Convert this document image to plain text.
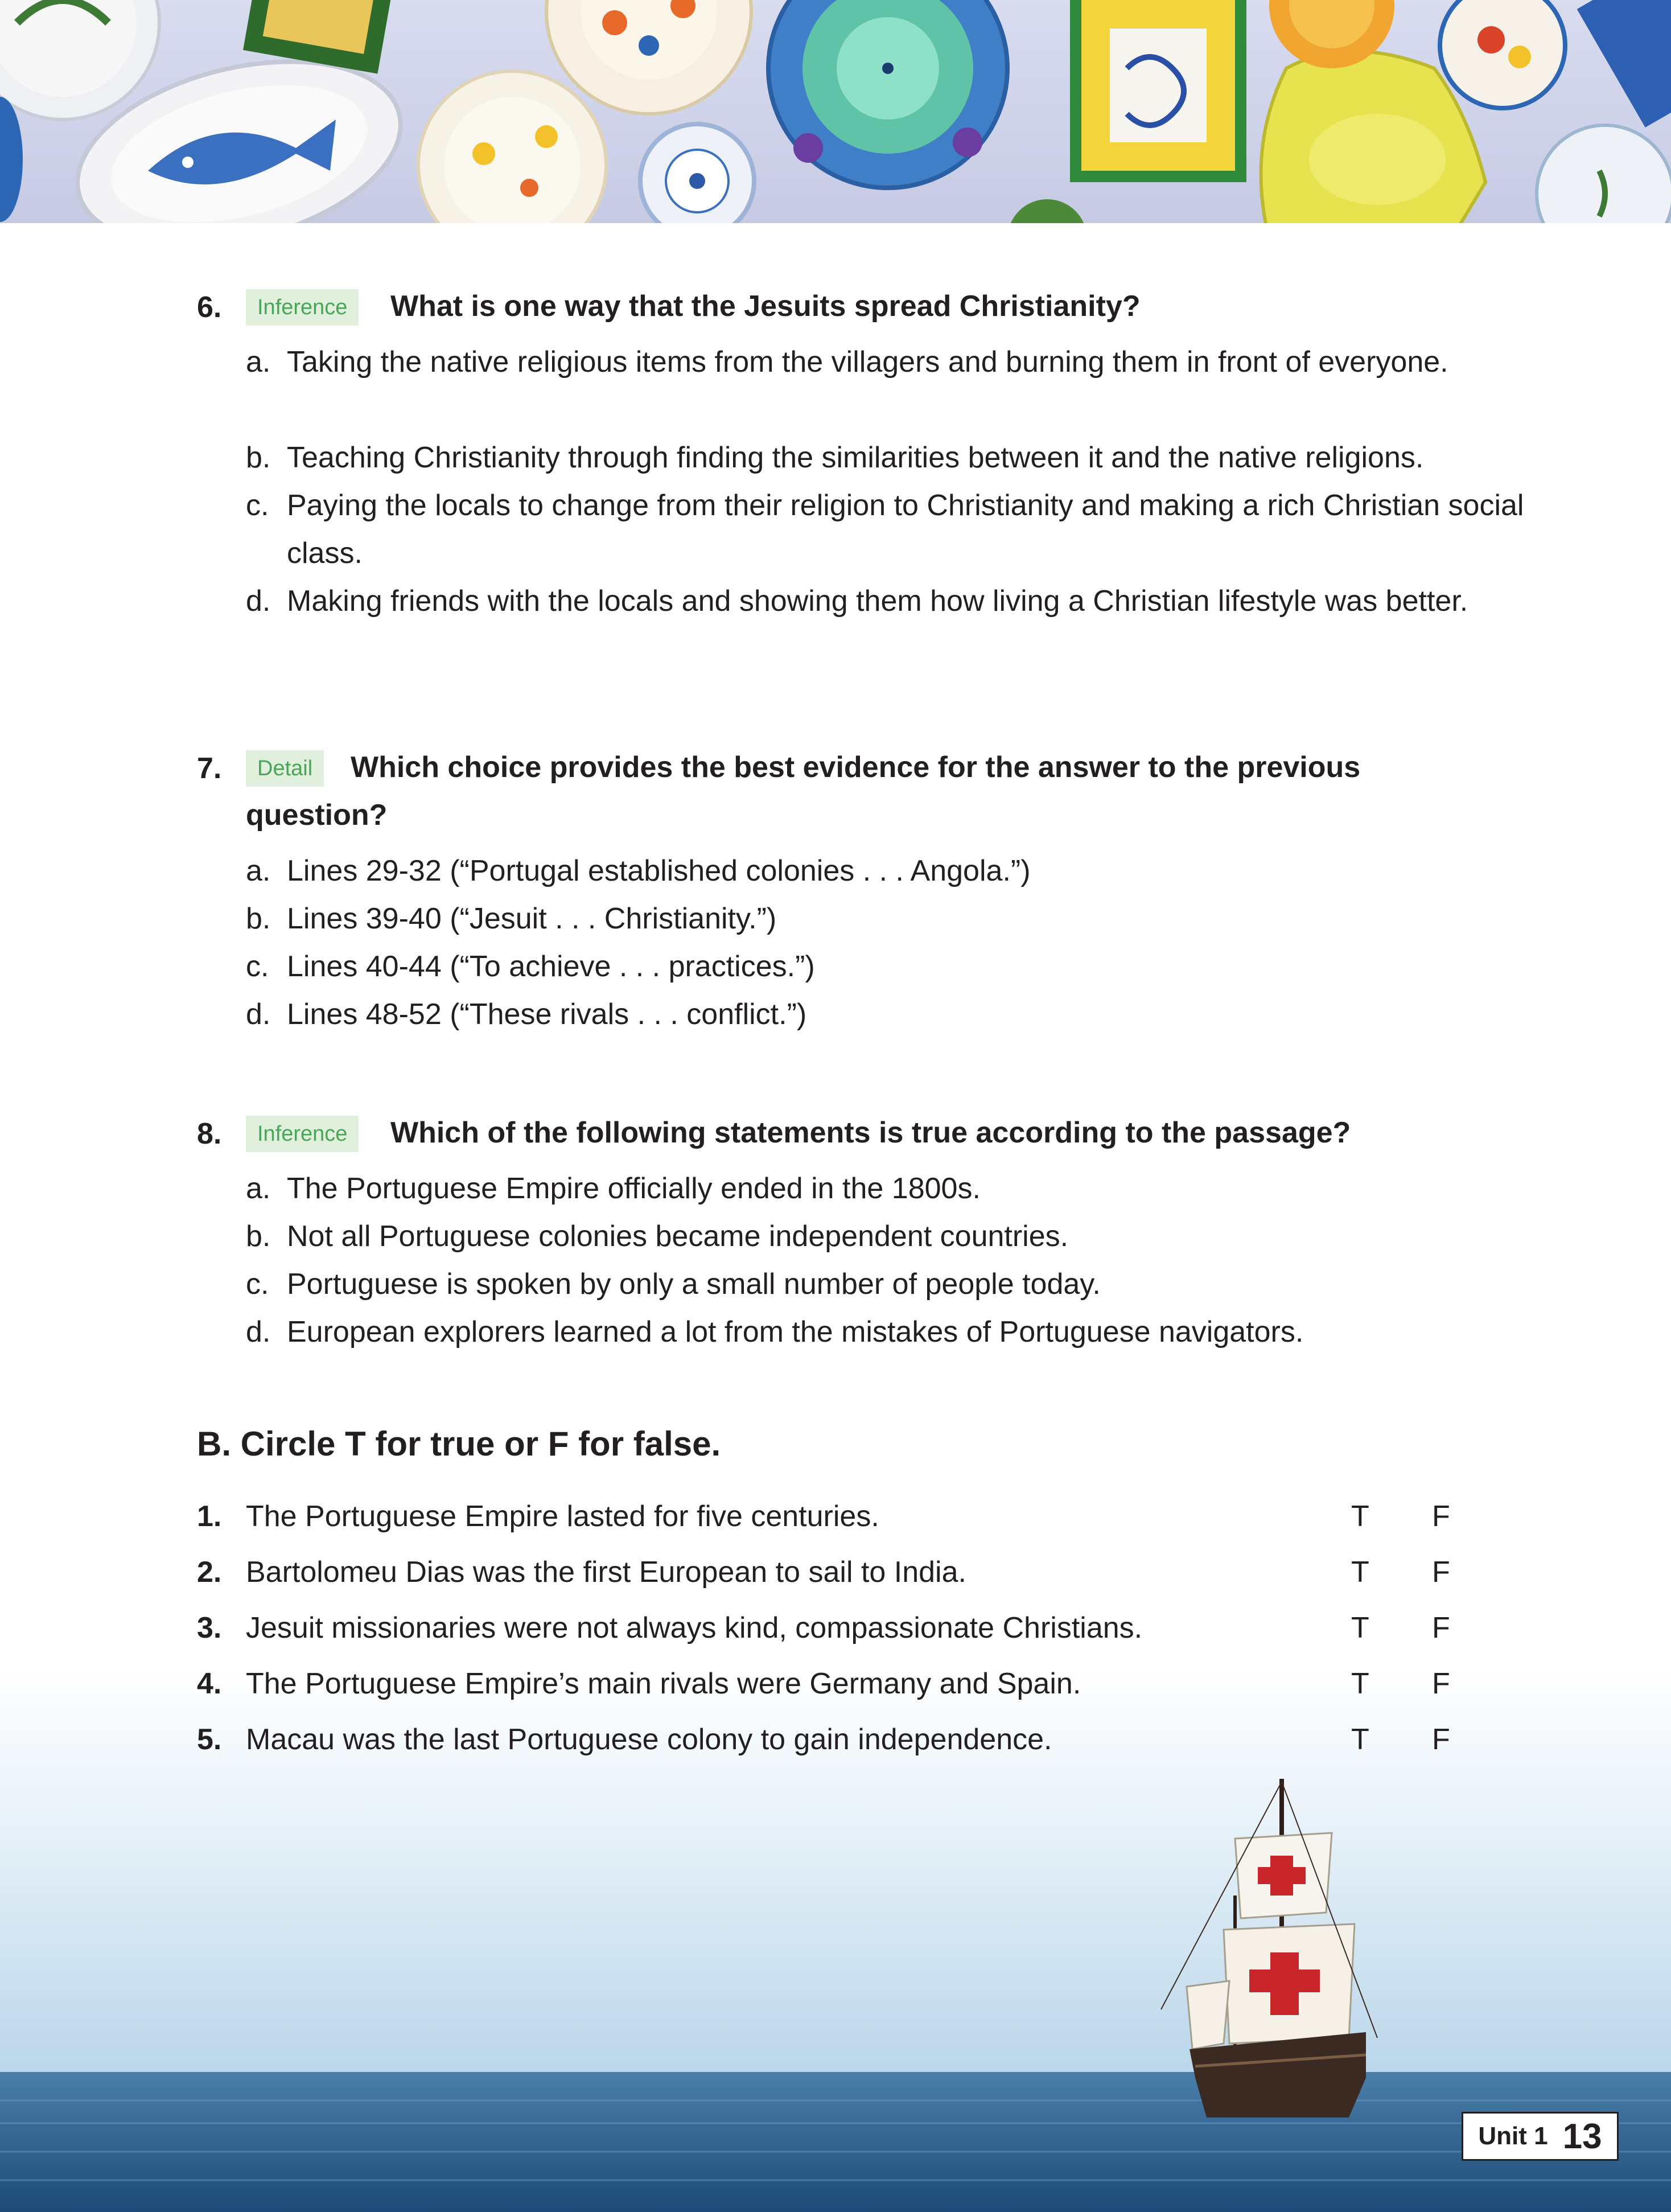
6.	Inference	What is one way that the Jesuits spread Christianity?
a. Taking the native religious items from the villagers and burning them in front of everyone.
b. Teaching Christianity through finding the similarities between it and the native religions.
c. Paying the locals to change from their religion to Christianity and making a rich Christian social class.
d. Making friends with the locals and showing them how living a Christian lifestyle was better.
7.	Detail	Which choice provides the best evidence for the answer to the previous question?
a. Lines 29-32 (“Portugal established colonies . . . Angola.”)
b. Lines 39-40 (“Jesuit . . . Christianity.”)
c. Lines 40-44 (“To achieve . . . practices.”)
d. Lines 48-52 (“These rivals . . . conflict.”)
8.	Inference	Which of the following statements is true according to the passage?
a. The Portuguese Empire officially ended in the 1800s.
b. Not all Portuguese colonies became independent countries.
c. Portuguese is spoken by only a small number of people today.
d. European explorers learned a lot from the mistakes of Portuguese navigators.
B. Circle T for true or F for false.
1. The Portuguese Empire lasted for five centuries.	T F
2. Bartolomeu Dias was the first European to sail to India.	T F
3. Jesuit missionaries were not always kind, compassionate Christians.	T F
4. The Portuguese Empire’s main rivals were Germany and Spain.	T F
5. Macau was the last Portuguese colony to gain independence.	T F
Unit 1 13
